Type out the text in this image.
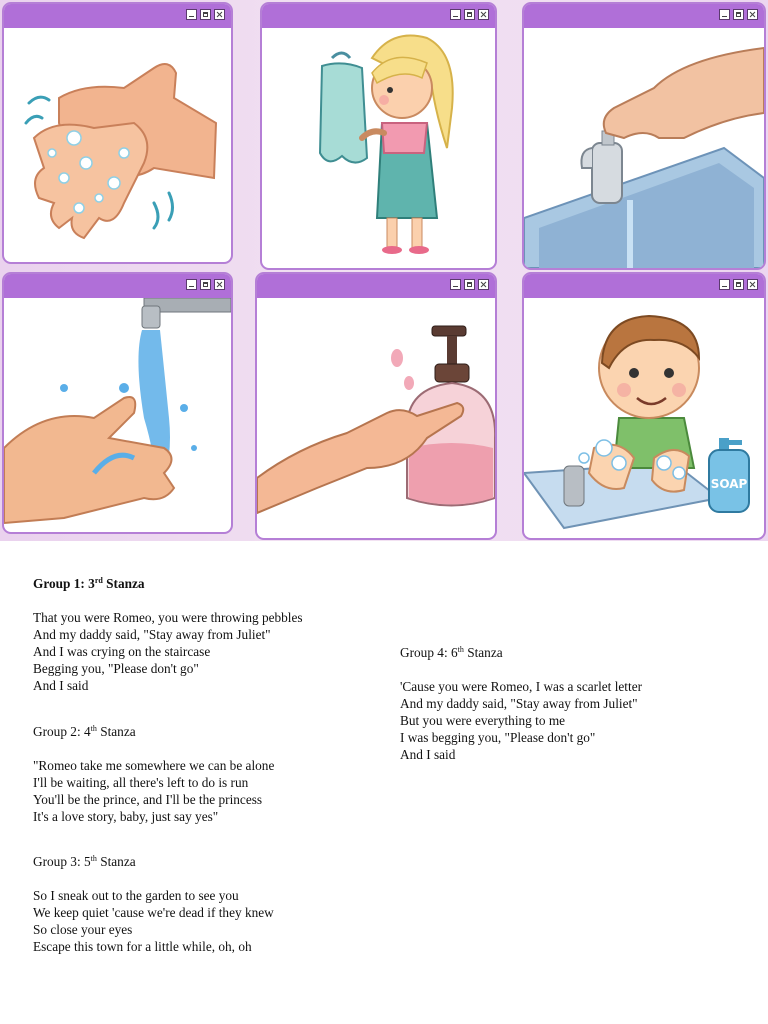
SOAP
Group 1: 3rd Stanza
That you were Romeo, you were throwing pebbles
And my daddy said, "Stay away from Juliet"
And I was crying on the staircase
Begging you, "Please don't go"
And I said
Group 2: 4th Stanza
"Romeo take me somewhere we can be alone
I'll be waiting, all there's left to do is run
You'll be the prince, and I'll be the princess
It's a love story, baby, just say yes"
Group 3: 5th Stanza
So I sneak out to the garden to see you
We keep quiet 'cause we're dead if they knew
So close your eyes
Escape this town for a little while, oh, oh
Group 4: 6th Stanza
'Cause you were Romeo, I was a scarlet letter
And my daddy said, "Stay away from Juliet"
But you were everything to me
I was begging you, "Please don't go"
And I said
